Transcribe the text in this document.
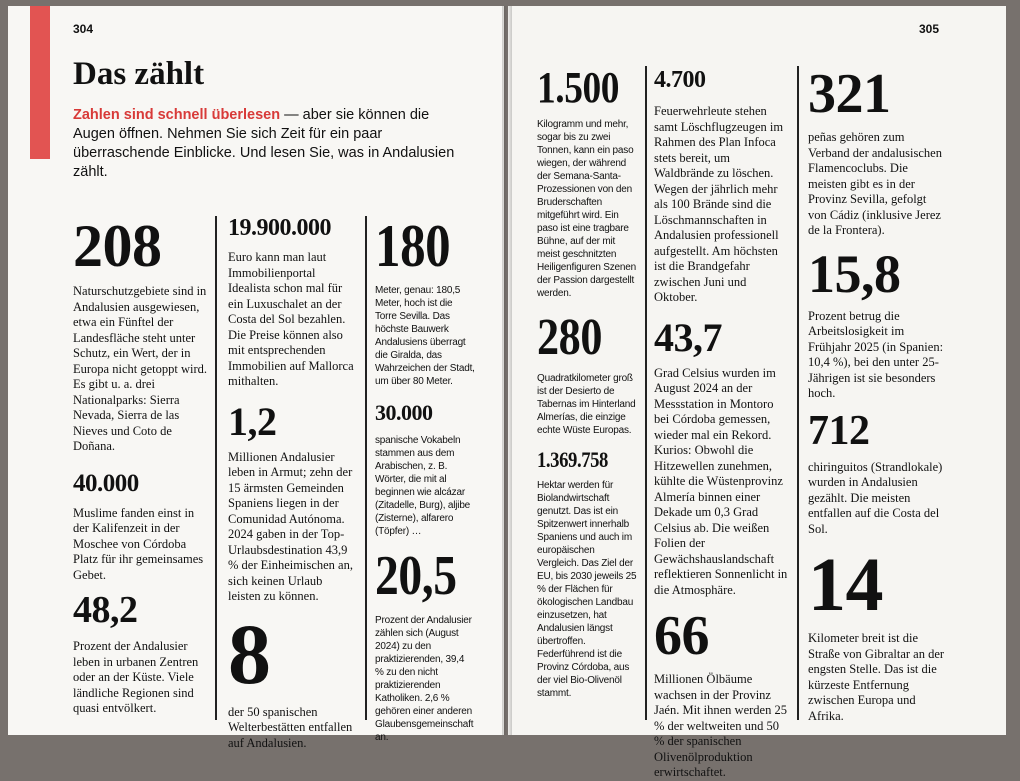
304	305
Das zählt

Zahlen sind schnell überlesen — aber sie können die Augen öffnen. Nehmen Sie sich Zeit für ein paar überraschende Einblicke. Und lesen Sie, was in Andalusien zählt.

208

Naturschutzgebiete sind in Andalusien ausgewiesen, etwa ein Fünftel der Landesfläche steht unter Schutz, ein Wert, der in Europa nicht getoppt wird. Es gibt u. a. drei Nationalparks: Sierra Nevada, Sierra de las Nieves und Coto de Doñana.

40.000

Muslime fanden einst in der Kalifenzeit in der Moschee von Córdoba Platz für ihr gemeinsames Gebet.

48,2

Prozent der Andalusier leben in urbanen Zentren oder an der Küste. Viele ländliche Regionen sind quasi entvölkert.

19.900.000

Euro kann man laut Immobilienportal Idealista schon mal für ein Luxuschalet an der Costa del Sol bezahlen. Die Preise können also mit entsprechenden Immobilien auf Mallorca mithalten.

1,2

Millionen Andalusier leben in Armut; zehn der 15 ärmsten Gemeinden Spaniens liegen in der Comunidad Autónoma. 2024 gaben in der Top-Urlaubsdestination 43,9 % der Einheimischen an, sich keinen Urlaub leisten zu können.

8

der 50 spanischen Welterbestätten entfallen auf Andalusien.

180

Meter, genau: 180,5 Meter, hoch ist die Torre Sevilla. Das höchste Bauwerk Andalusiens überragt die Giralda, das Wahrzeichen der Stadt, um über 80 Meter.

30.000

spanische Vokabeln stammen aus dem Arabischen, z. B. Wörter, die mit al beginnen wie alcázar (Zitadelle, Burg), aljibe (Zisterne), alfarero (Töpfer) …

20,5

Prozent der Andalusier zählen sich (August 2024) zu den praktizierenden, 39,4 % zu den nicht praktizierenden Katholiken. 2,6 % gehören einer anderen Glaubensgemeinschaft an.

1.500

Kilogramm und mehr, sogar bis zu zwei Tonnen, kann ein paso wiegen, der während der Semana-Santa-Prozessionen von den Bruderschaften mitgeführt wird. Ein paso ist eine tragbare Bühne, auf der mit meist geschnitzten Heiligenfiguren Szenen der Passion dargestellt werden.

280

Quadratkilometer groß ist der Desierto de Tabernas im Hinterland Almerías, die einzige echte Wüste Europas.

1.369.758

Hektar werden für Biolandwirtschaft genutzt. Das ist ein Spitzenwert innerhalb Spaniens und auch im europäischen Vergleich. Das Ziel der EU, bis 2030 jeweils 25 % der Flächen für ökologischen Landbau einzusetzen, hat Andalusien längst übertroffen. Federführend ist die Provinz Córdoba, aus der viel Bio-Olivenöl stammt.

4.700

Feuerwehrleute stehen samt Löschflugzeugen im Rahmen des Plan Infoca stets bereit, um Waldbrände zu löschen. Wegen der jährlich mehr als 100 Brände sind die Löschmannschaften in Andalusien professionell aufgestellt. Am höchsten ist die Brandgefahr zwischen Juni und Oktober.

43,7

Grad Celsius wurden im August 2024 an der Messstation in Montoro bei Córdoba gemessen, wieder mal ein Rekord. Kurios: Obwohl die Hitzewellen zunehmen, kühlte die Wüstenprovinz Almería binnen einer Dekade um 0,3 Grad Celsius ab. Die weißen Folien der Gewächshauslandschaft reflektieren Sonnenlicht in die Atmosphäre.

66

Millionen Ölbäume wachsen in der Provinz Jaén. Mit ihnen werden 25 % der weltweiten und 50 % der spanischen Olivenölproduktion erwirtschaftet.

321

peñas gehören zum Verband der andalusischen Flamencoclubs. Die meisten gibt es in der Provinz Sevilla, gefolgt von Cádiz (inklusive Jerez de la Frontera).

15,8

Prozent betrug die Arbeitslosigkeit im Frühjahr 2025 (in Spanien: 10,4 %), bei den unter 25-Jährigen ist sie besonders hoch.

712

chiringuitos (Strandlokale) wurden in Andalusien gezählt. Die meisten entfallen auf die Costa del Sol.

14

Kilometer breit ist die Straße von Gibraltar an der engsten Stelle. Das ist die kürzeste Entfernung zwischen Europa und Afrika.
